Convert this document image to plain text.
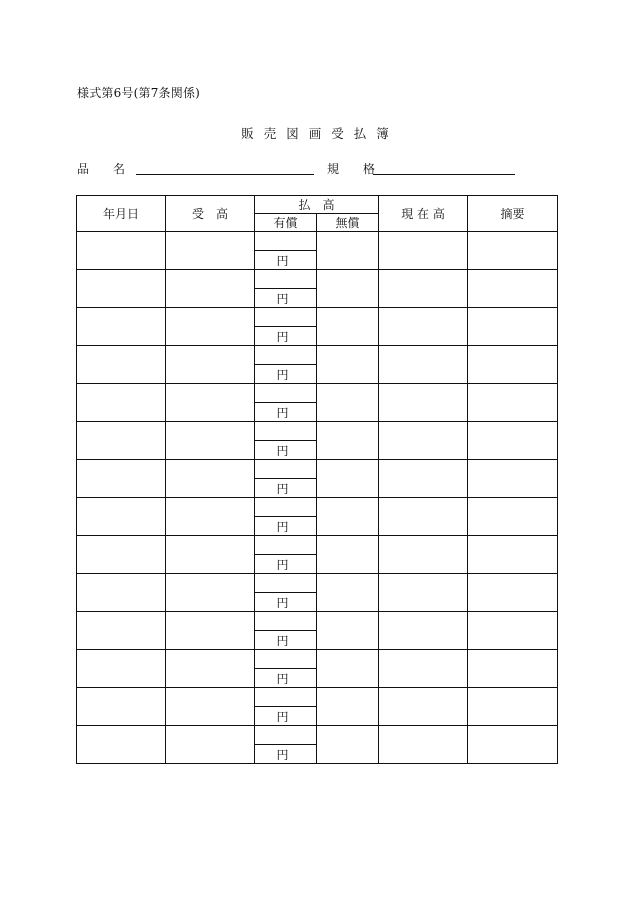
様式第6号(第7条関係)
販売図画受払簿
品　　名	規　　格
年月日	受　高	払　高		現 在 高	摘要
		有償	無償		

		円			

		円			

		円			

		円			

		円			

		円			

		円			

		円			

		円			

		円			

		円			

		円			

		円			

		円			
